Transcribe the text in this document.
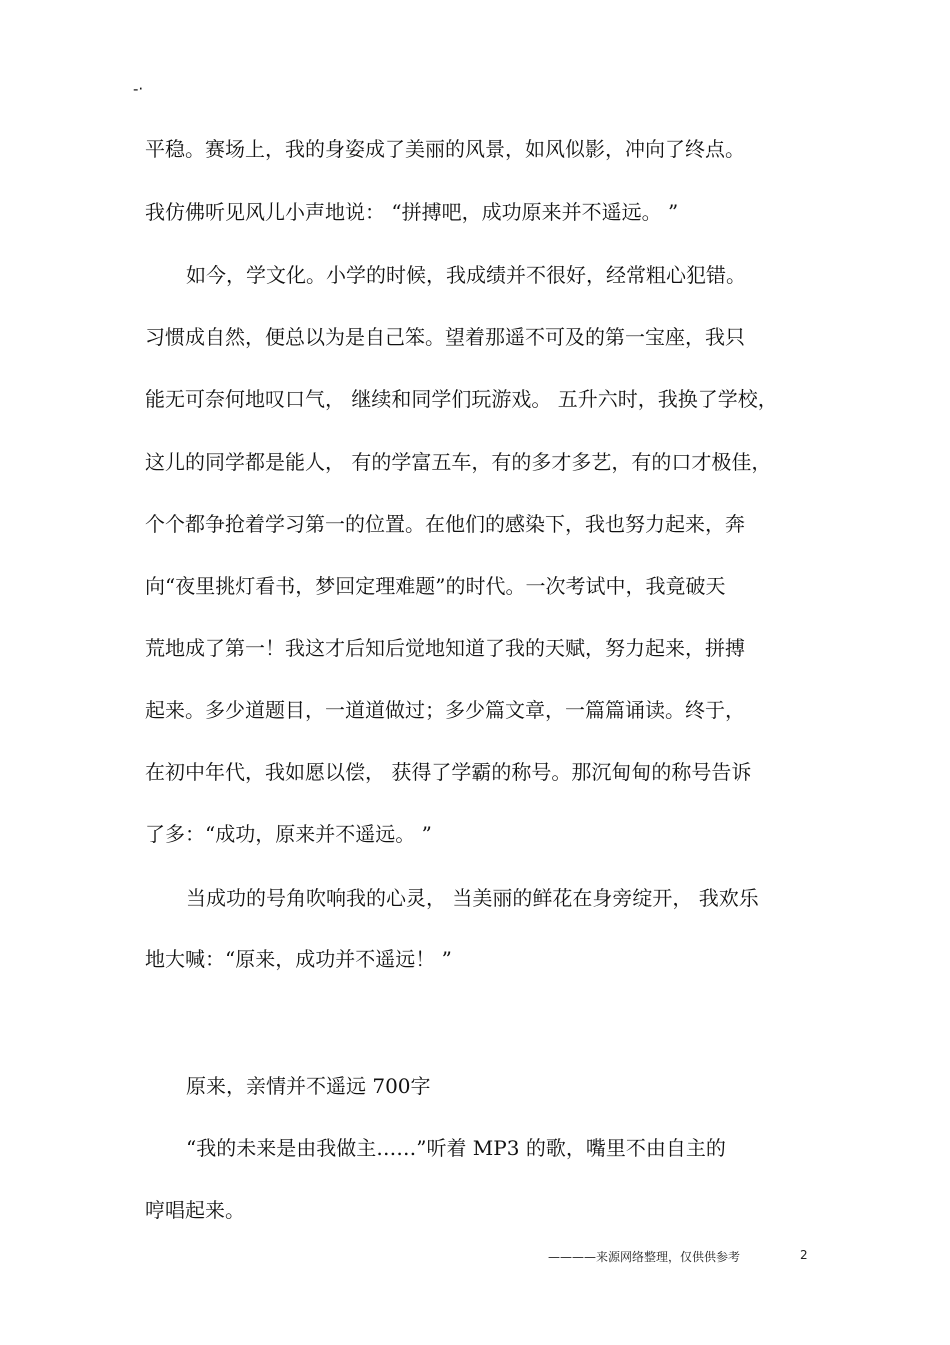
-·
平稳。赛场上，我的身姿成了美丽的风景，如风似影，冲向了终点。
我仿佛听见风儿小声地说： “拼搏吧，成功原来并不遥远。 ”
如今，学文化。小学的时候，我成绩并不很好，经常粗心犯错。
习惯成自然，便总以为是自己笨。望着那遥不可及的第一宝座，我只
能无可奈何地叹口气， 继续和同学们玩游戏。 五升六时，我换了学校，
这儿的同学都是能人， 有的学富五车，有的多才多艺，有的口才极佳，
个个都争抢着学习第一的位置。在他们的感染下，我也努力起来，奔
向“夜里挑灯看书，梦回定理难题”的时代。一次考试中，我竟破天
荒地成了第一！我这才后知后觉地知道了我的天赋，努力起来，拼搏
起来。多少道题目，一道道做过；多少篇文章，一篇篇诵读。终于，
在初中年代，我如愿以偿， 获得了学霸的称号。那沉甸甸的称号告诉
了多：“成功，原来并不遥远。 ”
当成功的号角吹响我的心灵， 当美丽的鲜花在身旁绽开， 我欢乐
地大喊：“原来，成功并不遥远！ ”
原来，亲情并不遥远 700字
“我的未来是由我做主……”听着 MP3 的歌，嘴里不由自主的
哼唱起来。
————来源网络整理，仅供供参考	2
